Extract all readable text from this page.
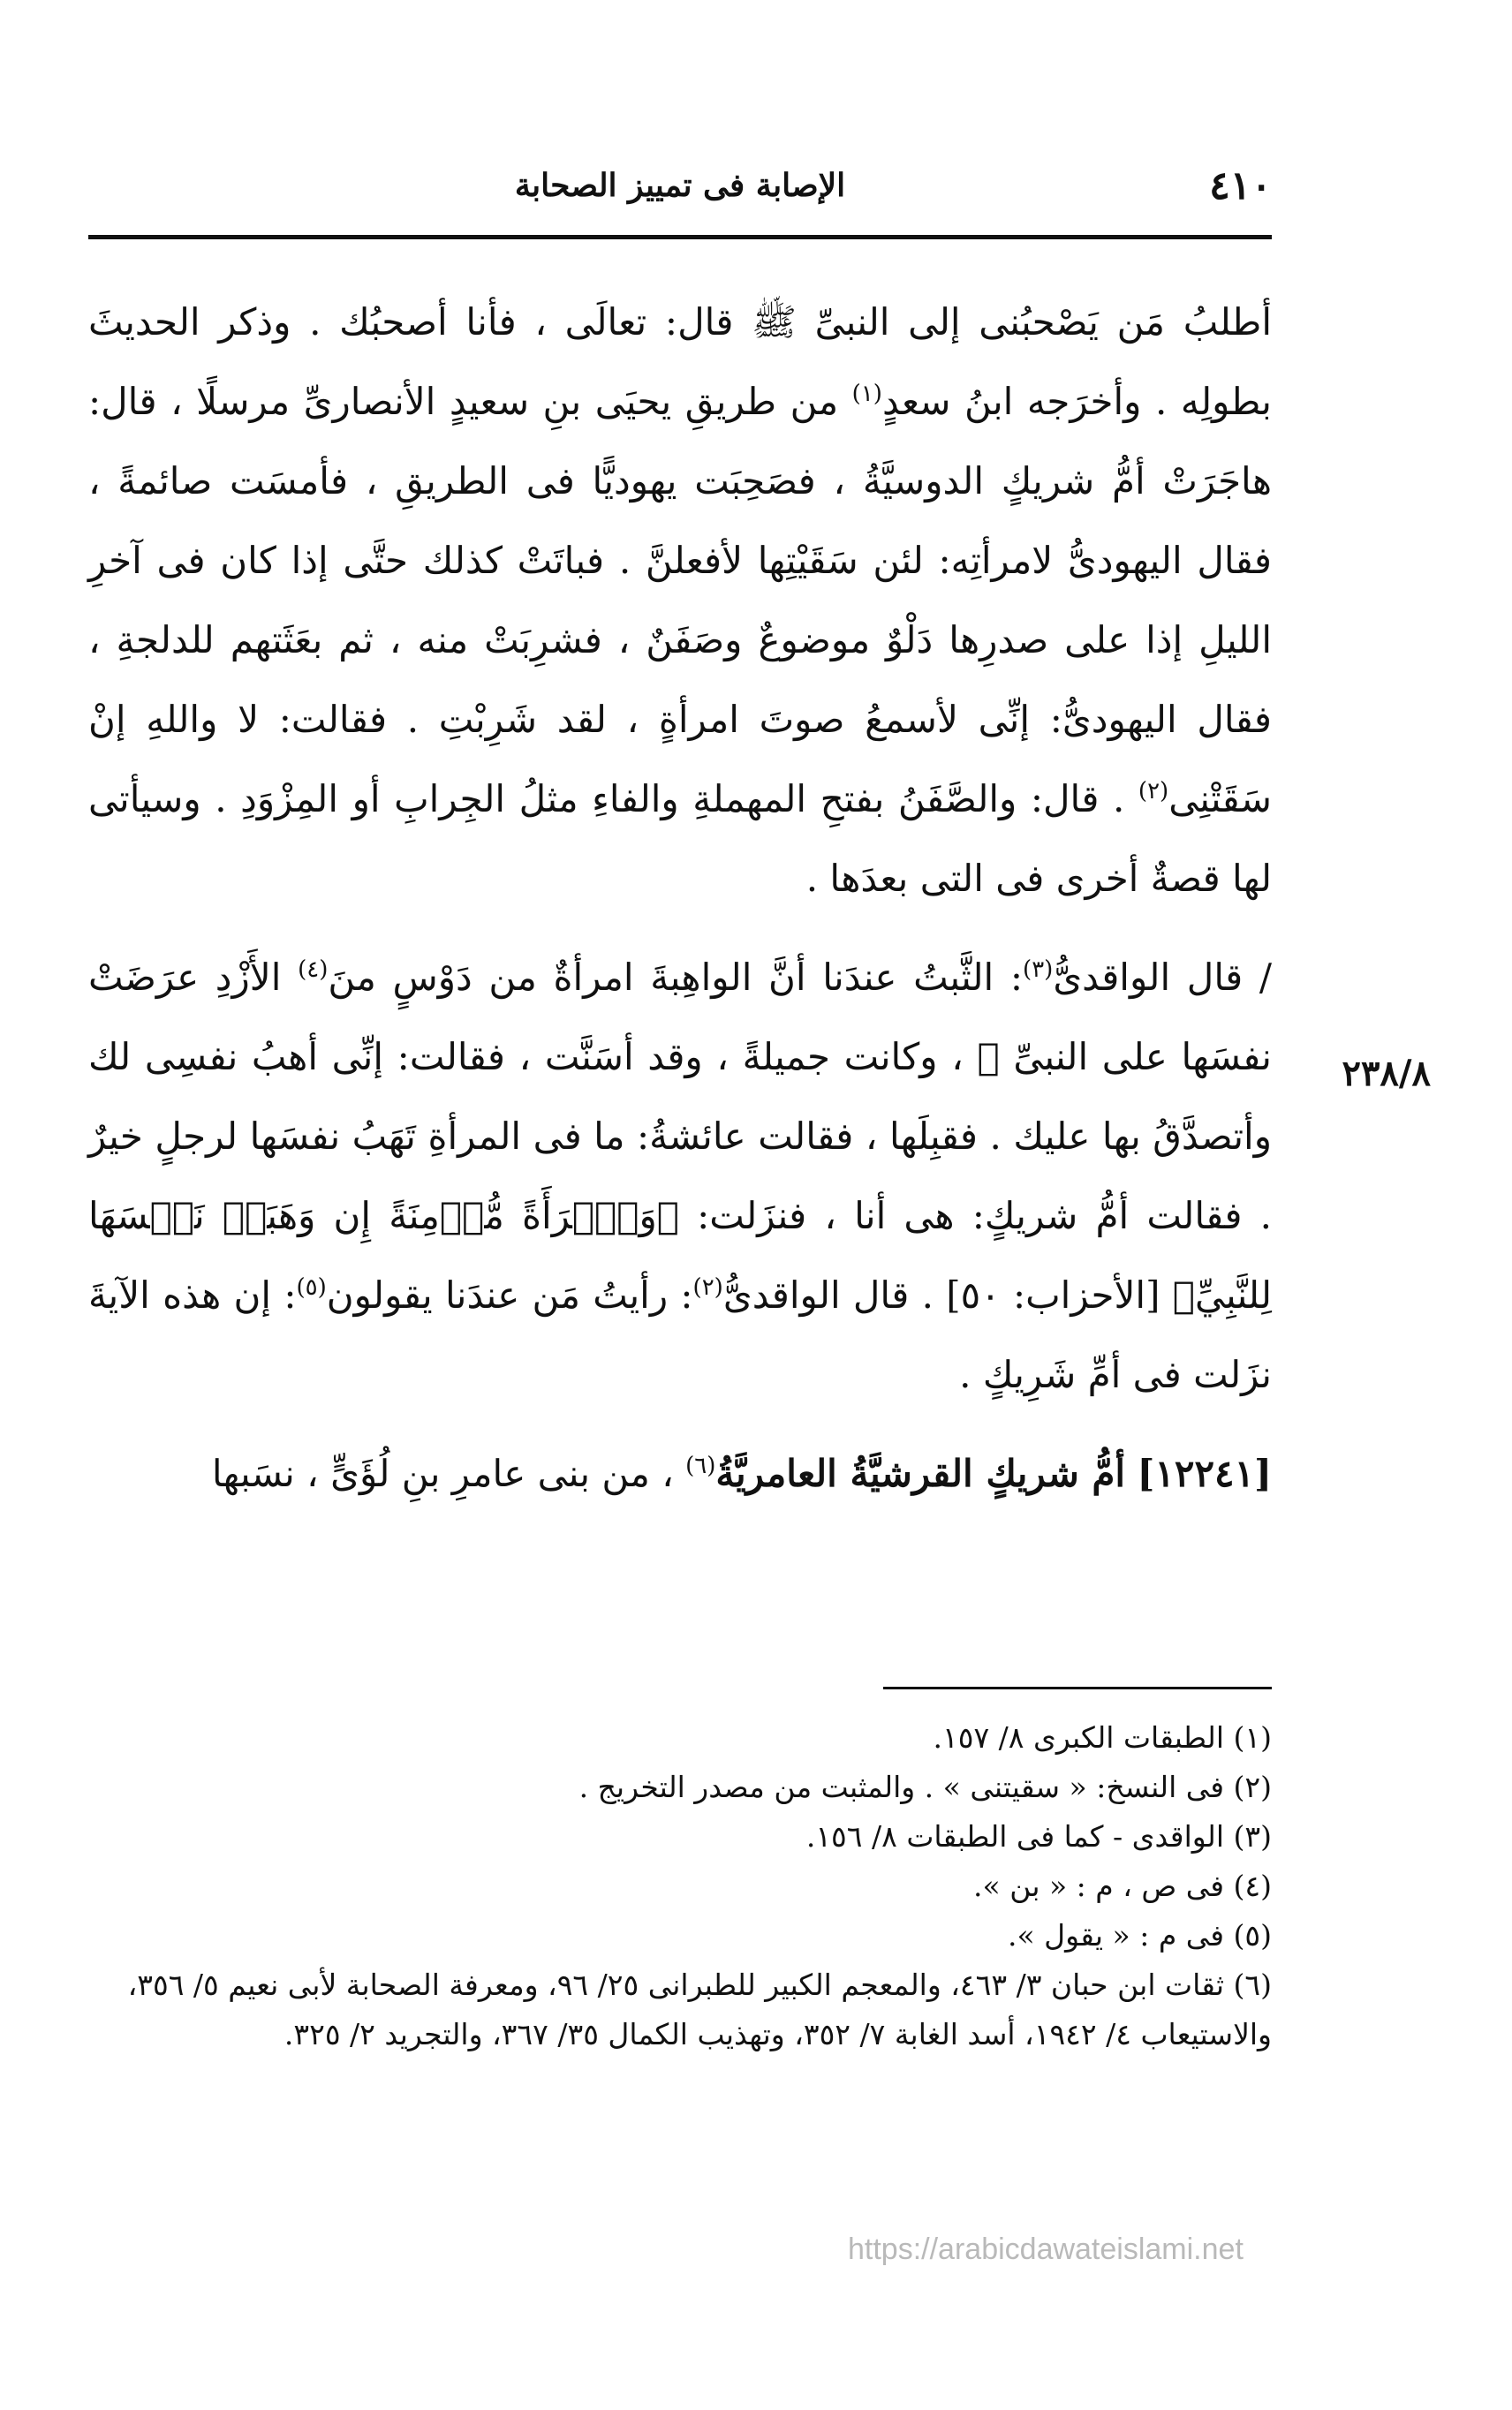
٤١٠
الإصابة فى تمييز الصحابة
٢٣٨/٨

أطلبُ مَن يَصْحبُنى إلى النبىِّ ﷺ قال: تعالَى ، فأنا أصحبُك . وذكر الحديثَ بطولِه . وأخرَجه ابنُ سعدٍ$^{(١)}$ من طريقِ يحيَى بنِ سعيدٍ الأنصارىِّ مرسلًا ، قال: هاجَرَتْ أمُّ شريكٍ الدوسيَّةُ ، فصَحِبَت يهوديًّا فى الطريقِ ، فأمسَت صائمةً ، فقال اليهودىُّ لامرأتِه: لئن سَقَيْتِها لأفعلنَّ . فباتَتْ كذلك حتَّى إذا كان فى آخرِ الليلِ إذا على صدرِها دَلْوٌ موضوعٌ وصَفَنٌ ، فشرِبَتْ منه ، ثم بعَثَتهم للدلجةِ ، فقال اليهودىُّ: إنِّى لأسمعُ صوتَ امرأةٍ ، لقد شَرِبْتِ . فقالت: لا واللهِ إنْ سَقَتْنِى$^{(٢)}$ . قال: والصَّفَنُ بفتحِ المهملةِ والفاءِ مثلُ الجِرابِ أو المِزْوَدِ . وسيأتى لها قصةٌ أخرى فى التى بعدَها .

/ قال الواقدىُّ$^{(٣)}$: الثَّبتُ عندَنا أنَّ الواهِبةَ امرأةٌ من دَوْسٍ منَ$^{(٤)}$ الأَزْدِ عرَضَتْ نفسَها على النبىِّ ﷺ ، وكانت جميلةً ، وقد أسَنَّت ، فقالت: إنِّى أهبُ نفسِى لك وأتصدَّقُ بها عليك . فقبِلَها ، فقالت عائشةُ: ما فى المرأةِ تَهَبُ نفسَها لرجلٍ خيرٌ . فقالت أمُّ شريكٍ: هى أنا ، فنزَلت: ﴿وَٱمۡرَأَةً مُّؤۡمِنَةً إِن وَهَبَتۡ نَفۡسَهَا لِلنَّبِيِّ﴾ [الأحزاب: ٥٠] . قال الواقدىُّ$^{(٢)}$: رأيتُ مَن عندَنا يقولون$^{(٥)}$: إن هذه الآيةَ نزَلت فى أمِّ شَرِيكٍ .

[١٢٢٤١] أمُّ شريكٍ القرشيَّةُ العامريَّةُ$^{(٦)}$ ، من بنى عامرِ بنِ لُؤَىٍّ ، نسَبها

(١) الطبقات الكبرى ٨/ ١٥٧.

(٢) فى النسخ: « سقيتنى » . والمثبت من مصدر التخريج .

(٣) الواقدى - كما فى الطبقات ٨/ ١٥٦.

(٤) فى ص ، م : « بن ».

(٥) فى م : « يقول ».

(٦) ثقات ابن حبان ٣/ ٤٦٣، والمعجم الكبير للطبرانى ٢٥/ ٩٦، ومعرفة الصحابة لأبى نعيم ٥/ ٣٥٦، والاستيعاب ٤/ ١٩٤٢، أسد الغابة ٧/ ٣٥٢، وتهذيب الكمال ٣٥/ ٣٦٧، والتجريد ٢/ ٣٢٥.

https://arabicdawateislami.net
